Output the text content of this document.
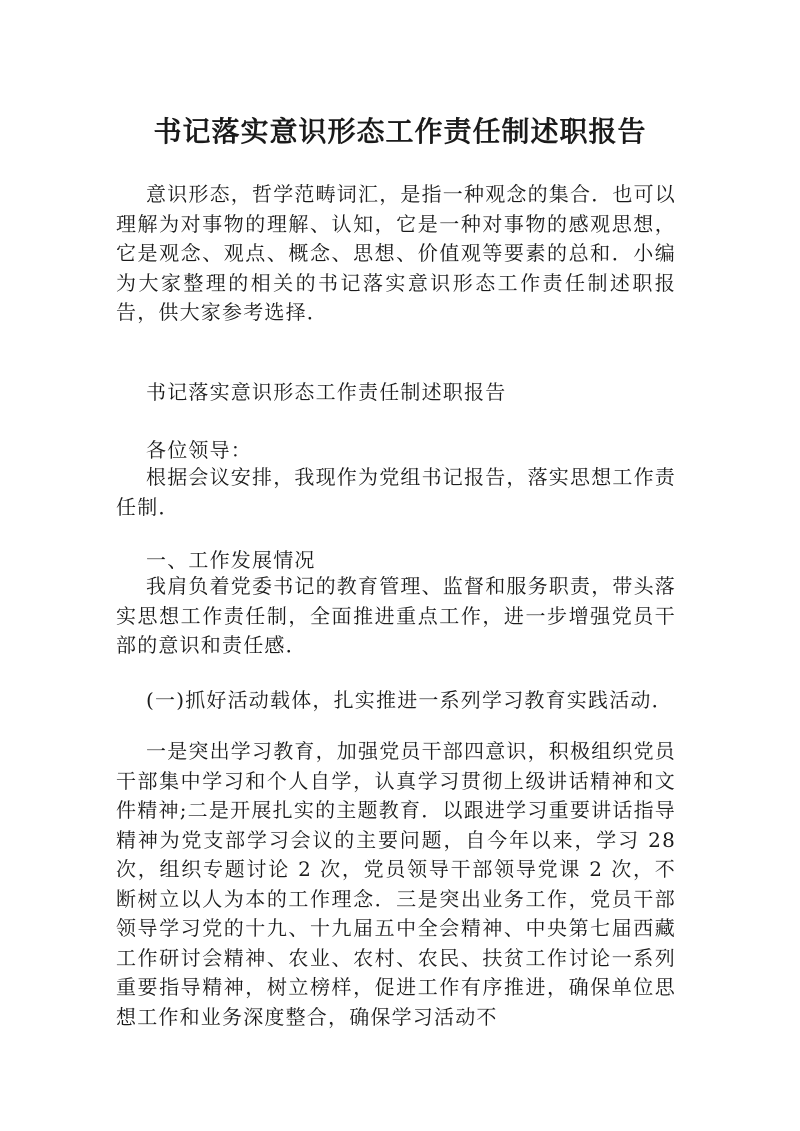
书记落实意识形态工作责任制述职报告

意识形态，哲学范畴词汇，是指一种观念的集合．也可以理解为对事物的理解、认知，它是一种对事物的感观思想，它是观念、观点、概念、思想、价值观等要素的总和．小编为大家整理的相关的书记落实意识形态工作责任制述职报告，供大家参考选择．

书记落实意识形态工作责任制述职报告

各位领导：

根据会议安排，我现作为党组书记报告，落实思想工作责任制．

一、工作发展情况

我肩负着党委书记的教育管理、监督和服务职责，带头落实思想工作责任制，全面推进重点工作，进一步增强党员干部的意识和责任感．

(一)抓好活动载体，扎实推进一系列学习教育实践活动．

一是突出学习教育，加强党员干部四意识，积极组织党员干部集中学习和个人自学，认真学习贯彻上级讲话精神和文件精神;二是开展扎实的主题教育．以跟进学习重要讲话指导精神为党支部学习会议的主要问题，自今年以来，学习 28 次，组织专题讨论 2 次，党员领导干部领导党课 2 次，不断树立以人为本的工作理念．三是突出业务工作，党员干部领导学习党的十九、十九届五中全会精神、中央第七届西藏工作研讨会精神、农业、农村、农民、扶贫工作讨论一系列重要指导精神，树立榜样，促进工作有序推进，确保单位思想工作和业务深度整合，确保学习活动不
